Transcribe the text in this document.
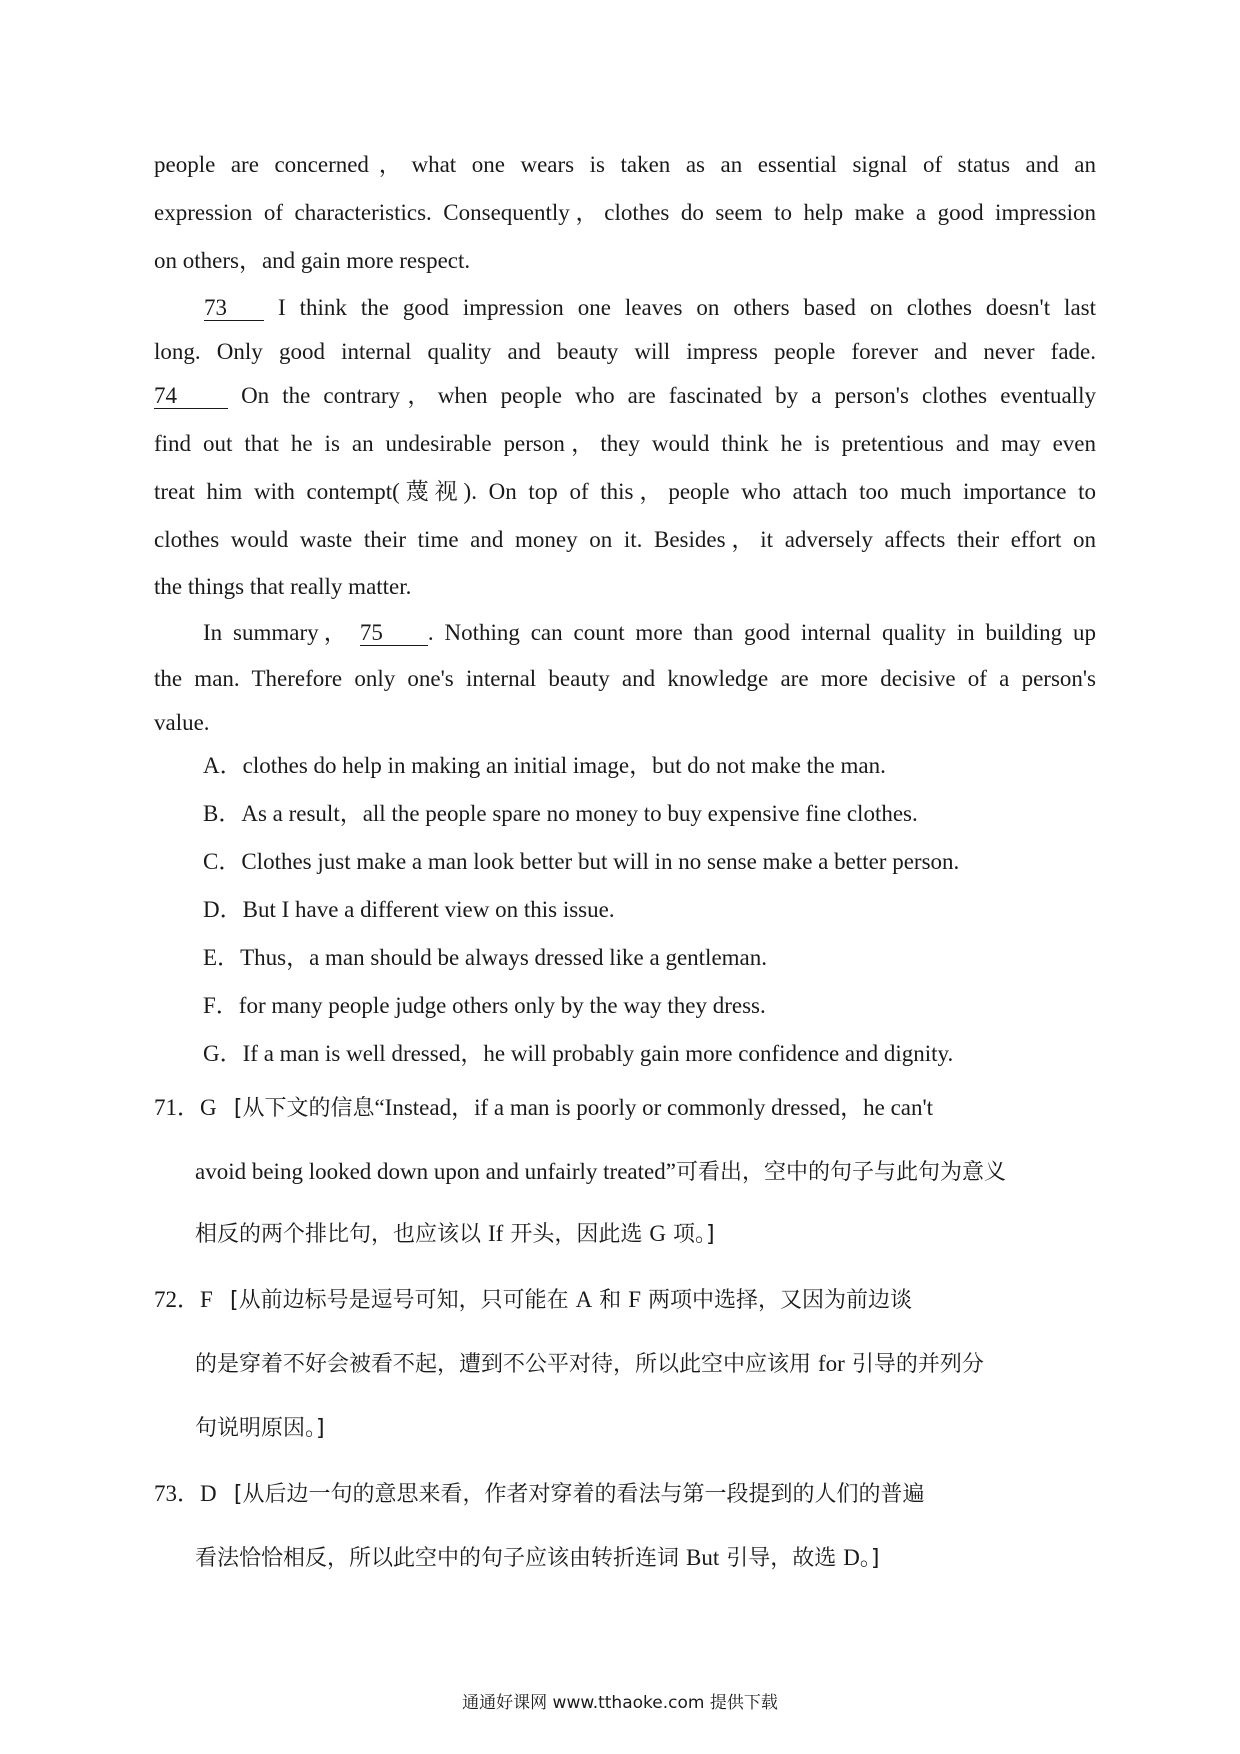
people are concerned，what one wears is taken as an essential signal of status and an

expression of characteristics. Consequently，clothes do seem to help make a good impression

on others，and gain more respect.

73 I think the good impression one leaves on others based on clothes doesn't last

long. Only good internal quality and beauty will impress people forever and never fade.

74 On the contrary，when people who are fascinated by a person's clothes eventually

find out that he is an undesirable person，they would think he is pretentious and may even

treat him with contempt(蔑视). On top of this，people who attach too much importance to

clothes would waste their time and money on it. Besides，it adversely affects their effort on

the things that really matter.

In summary， 75 . Nothing can count more than good internal quality in building up

the man. Therefore only one's internal beauty and knowledge are more decisive of a person's

value.

A．clothes do help in making an initial image，but do not make the man.

B．As a result，all the people spare no money to buy expensive fine clothes.

C．Clothes just make a man look better but will in no sense make a better person.

D．But I have a different view on this issue.

E．Thus，a man should be always dressed like a gentleman.

F．for many people judge others only by the way they dress.

G．If a man is well dressed，he will probably gain more confidence and dignity.

71．G [从下文的信息“Instead，if a man is poorly or commonly dressed，he can't

avoid being looked down upon and unfairly treated”可看出，空中的句子与此句为意义

相反的两个排比句，也应该以 If 开头，因此选 G 项。]

72．F [从前边标号是逗号可知，只可能在 A 和 F 两项中选择，又因为前边谈

的是穿着不好会被看不起，遭到不公平对待，所以此空中应该用 for 引导的并列分

句说明原因。]

73．D [从后边一句的意思来看，作者对穿着的看法与第一段提到的人们的普遍

看法恰恰相反，所以此空中的句子应该由转折连词 But 引导，故选 D。]

通通好课网 www.tthaoke.com 提供下载
